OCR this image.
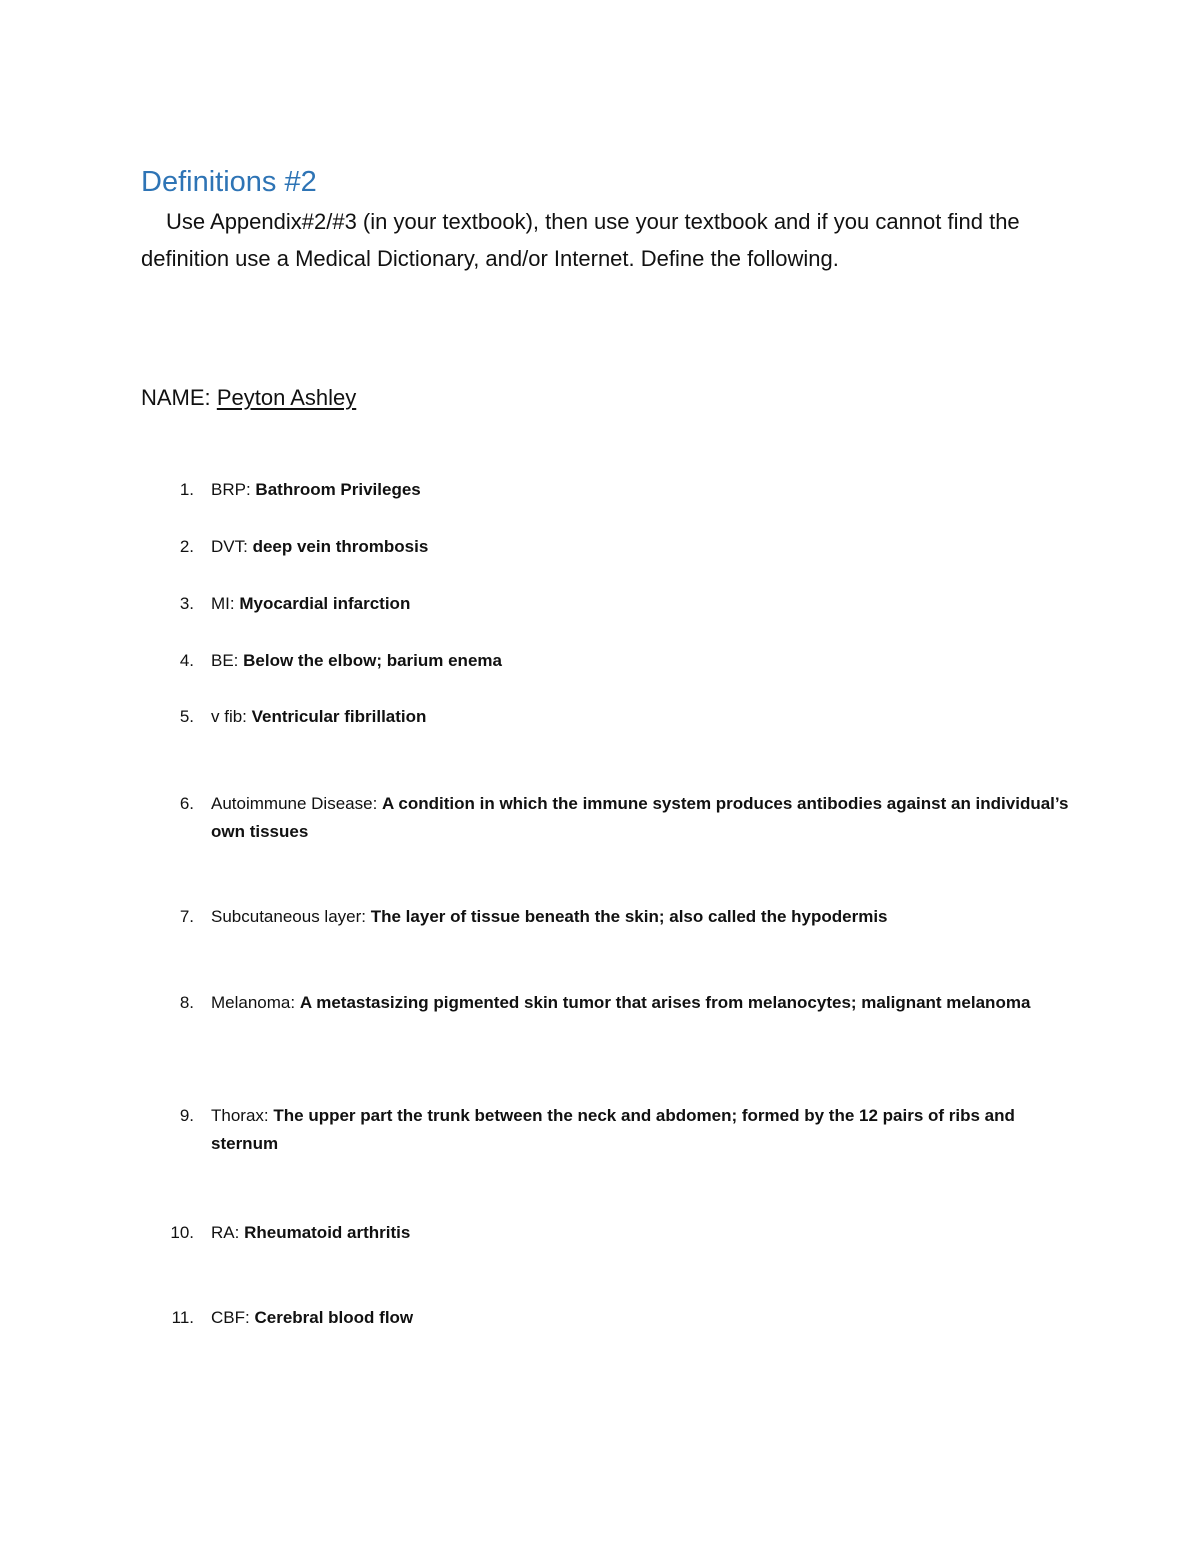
Definitions #2
Use Appendix#2/#3 (in your textbook), then use your textbook and if you cannot find the definition use a Medical Dictionary, and/or Internet. Define the following.
NAME: Peyton Ashley
1. BRP: Bathroom Privileges
2. DVT: deep vein thrombosis
3. MI: Myocardial infarction
4. BE: Below the elbow; barium enema
5. v fib: Ventricular fibrillation
6. Autoimmune Disease: A condition in which the immune system produces antibodies against an individual’s own tissues
7. Subcutaneous layer: The layer of tissue beneath the skin; also called the hypodermis
8. Melanoma: A metastasizing pigmented skin tumor that arises from melanocytes; malignant melanoma
9. Thorax: The upper part the trunk between the neck and abdomen; formed by the 12 pairs of ribs and sternum
10. RA: Rheumatoid arthritis
11. CBF: Cerebral blood flow
